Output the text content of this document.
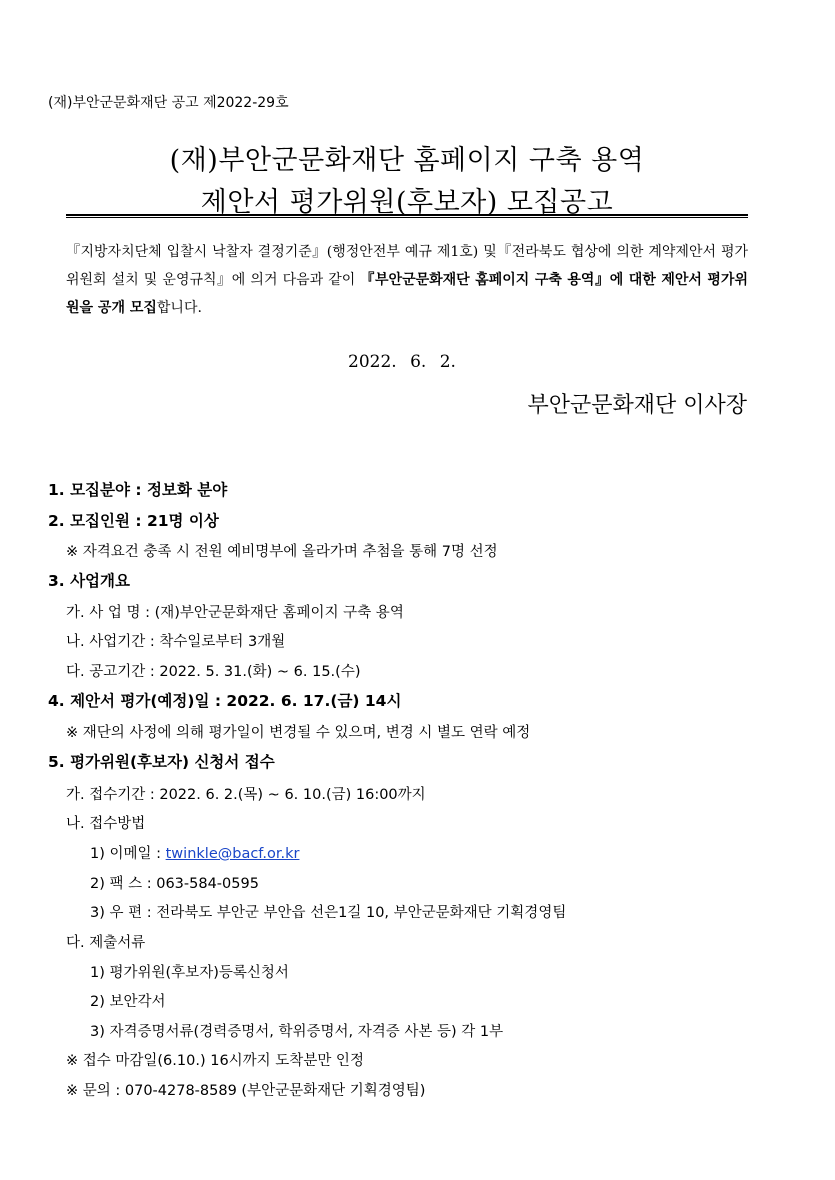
(재)부안군문화재단 공고 제2022-29호
(재)부안군문화재단 홈페이지 구축 용역
제안서 평가위원(후보자) 모집공고
『지방자치단체 입찰시 낙찰자 결정기준』(행정안전부 예규 제1호) 및『전라북도 협상에 의한 계약제안서 평가위원회 설치 및 운영규칙』에 의거 다음과 같이 『부안군문화재단 홈페이지 구축 용역』에 대한 제안서 평가위원을 공개 모집합니다.
2022. 6. 2.
부안군문화재단 이사장
1. 모집분야 : 정보화 분야
2. 모집인원 : 21명 이상
※ 자격요건 충족 시 전원 예비명부에 올라가며 추첨을 통해 7명 선정
3. 사업개요
가. 사 업 명 : (재)부안군문화재단 홈페이지 구축 용역
나. 사업기간 : 착수일로부터 3개월
다. 공고기간 : 2022. 5. 31.(화) ~ 6. 15.(수)
4. 제안서 평가(예정)일 : 2022. 6. 17.(금) 14시
※ 재단의 사정에 의해 평가일이 변경될 수 있으며, 변경 시 별도 연락 예정
5. 평가위원(후보자) 신청서 접수
가. 접수기간 : 2022. 6. 2.(목) ~ 6. 10.(금) 16:00까지
나. 접수방법
1) 이메일 : twinkle@bacf.or.kr
2) 팩 스 : 063-584-0595
3) 우 편 : 전라북도 부안군 부안읍 선은1길 10, 부안군문화재단 기획경영팀
다. 제출서류
1) 평가위원(후보자)등록신청서
2) 보안각서
3) 자격증명서류(경력증명서, 학위증명서, 자격증 사본 등) 각 1부
※ 접수 마감일(6.10.) 16시까지 도착분만 인정
※ 문의 : 070-4278-8589 (부안군문화재단 기획경영팀)
